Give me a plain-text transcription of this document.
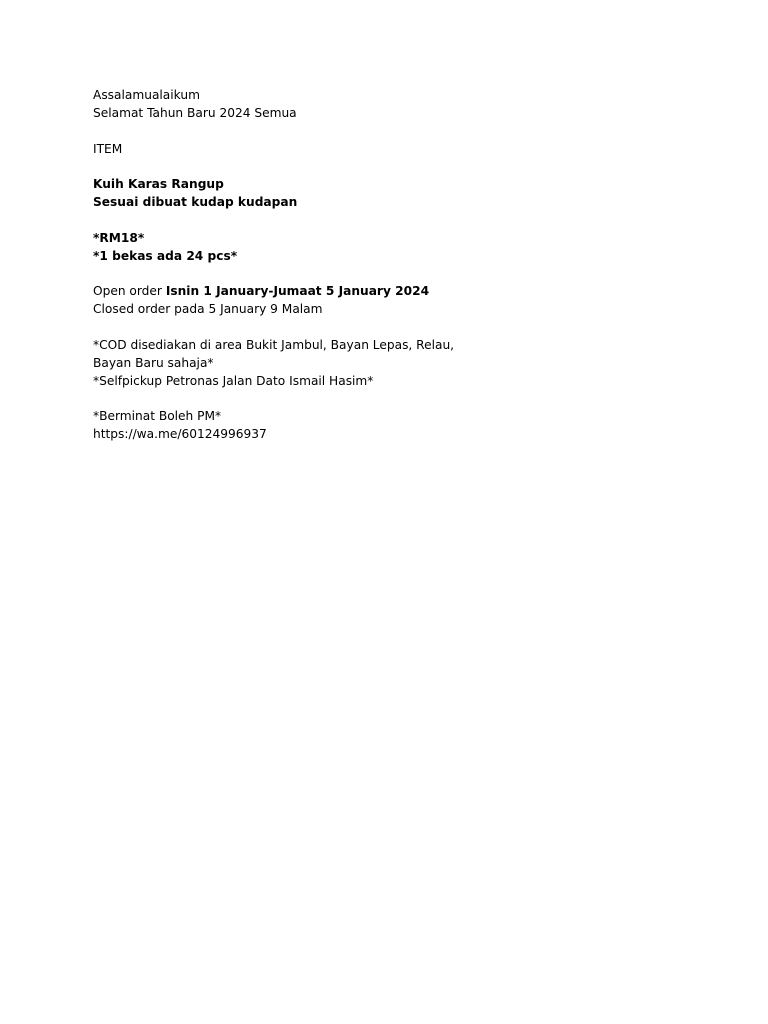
Assalamualaikum
Selamat Tahun Baru 2024 Semua
ITEM
Kuih Karas Rangup
Sesuai dibuat kudap kudapan
*RM18*
*1 bekas ada 24 pcs*
Open order Isnin 1 January-Jumaat 5 January 2024
Closed order pada 5 January 9 Malam
*COD disediakan di area Bukit Jambul, Bayan Lepas, Relau,
Bayan Baru sahaja*
*Selfpickup Petronas Jalan Dato Ismail Hasim*
*Berminat Boleh PM*
https://wa.me/60124996937
